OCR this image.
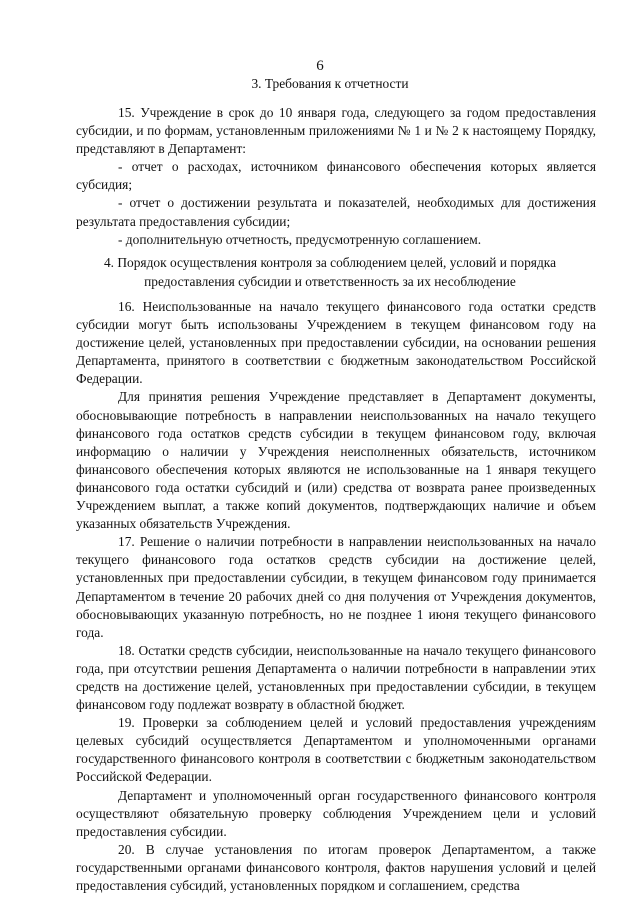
6
3. Требования к отчетности

15. Учреждение в срок до 10 января года, следующего за годом предоставления субсидии, и по формам, установленным приложениями № 1 и № 2 к настоящему Порядку, представляют в Департамент:

- отчет о расходах, источником финансового обеспечения которых является субсидия;

- отчет о достижении результата и показателей, необходимых для достижения результата предоставления субсидии;

- дополнительную отчетность, предусмотренную соглашением.

4. Порядок осуществления контроля за соблюдением целей, условий и порядка
предоставления субсидии и ответственность за их несоблюдение

16. Неиспользованные на начало текущего финансового года остатки средств субсидии могут быть использованы Учреждением в текущем финансовом году на достижение целей, установленных при предоставлении субсидии, на основании решения Департамента, принятого в соответствии с бюджетным законодательством Российской Федерации.

Для принятия решения Учреждение представляет в Департамент документы, обосновывающие потребность в направлении неиспользованных на начало текущего финансового года остатков средств субсидии в текущем финансовом году, включая информацию о наличии у Учреждения неисполненных обязательств, источником финансового обеспечения которых являются не использованные на 1 января текущего финансового года остатки субсидий и (или) средства от возврата ранее произведенных Учреждением выплат, а также копий документов, подтверждающих наличие и объем указанных обязательств Учреждения.

17. Решение о наличии потребности в направлении неиспользованных на начало текущего финансового года остатков средств субсидии на достижение целей, установленных при предоставлении субсидии, в текущем финансовом году принимается Департаментом в течение 20 рабочих дней со дня получения от Учреждения документов, обосновывающих указанную потребность, но не позднее 1 июня текущего финансового года.

18. Остатки средств субсидии, неиспользованные на начало текущего финансового года, при отсутствии решения Департамента о наличии потребности в направлении этих средств на достижение целей, установленных при предоставлении субсидии, в текущем финансовом году подлежат возврату в областной бюджет.

19. Проверки за соблюдением целей и условий предоставления учреждениям целевых субсидий осуществляется Департаментом и уполномоченными органами государственного финансового контроля в соответствии с бюджетным законодательством Российской Федерации.

Департамент и уполномоченный орган государственного финансового контроля осуществляют обязательную проверку соблюдения Учреждением цели и условий предоставления субсидии.

20. В случае установления по итогам проверок Департаментом, а также государственными органами финансового контроля, фактов нарушения условий и целей предоставления субсидий, установленных порядком и соглашением, средства
